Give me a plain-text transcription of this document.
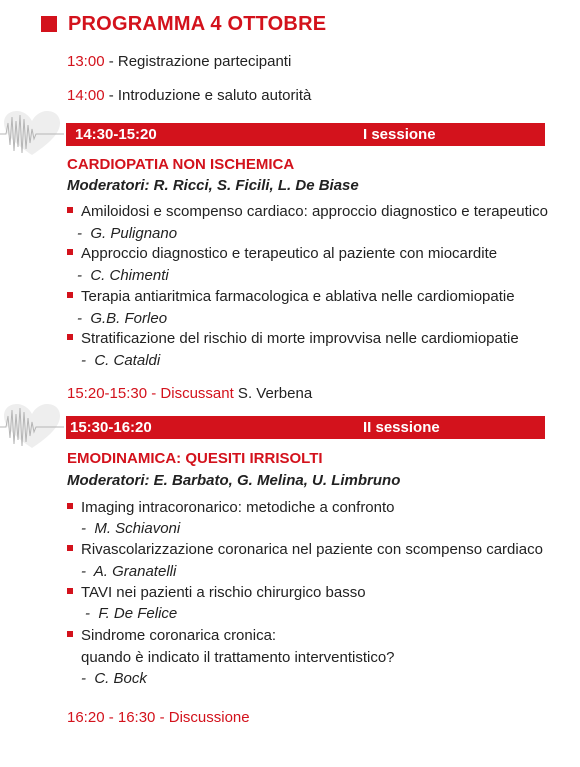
PROGRAMMA 4 OTTOBRE
13:00 - Registrazione partecipanti
14:00 - Introduzione e saluto autorità
14:30-15:20	I sessione
CARDIOPATIA NON ISCHEMICA
Moderatori: R. Ricci, S. Ficili, L. De Biase
Amiloidosi e scompenso cardiaco: approccio diagnostico e terapeutico
-  G. Pulignano
Approccio diagnostico e terapeutico al paziente con miocardite
-  C. Chimenti
Terapia antiaritmica farmacologica e ablativa nelle cardiomiopatie
-  G.B. Forleo
Stratificazione del rischio di morte improvvisa nelle cardiomiopatie
-  C. Cataldi
15:20-15:30 - Discussant S. Verbena
15:30-16:20	II sessione
EMODINAMICA: QUESITI IRRISOLTI
Moderatori: E. Barbato, G. Melina, U. Limbruno
Imaging intracoronarico: metodiche a confronto
-  M. Schiavoni
Rivascolarizzazione coronarica nel paziente con scompenso cardiaco
-  A. Granatelli
TAVI nei pazienti a rischio chirurgico basso
-  F. De Felice
Sindrome coronarica cronica:
quando è indicato il trattamento interventistico?
-  C. Bock
16:20 - 16:30 - Discussione
